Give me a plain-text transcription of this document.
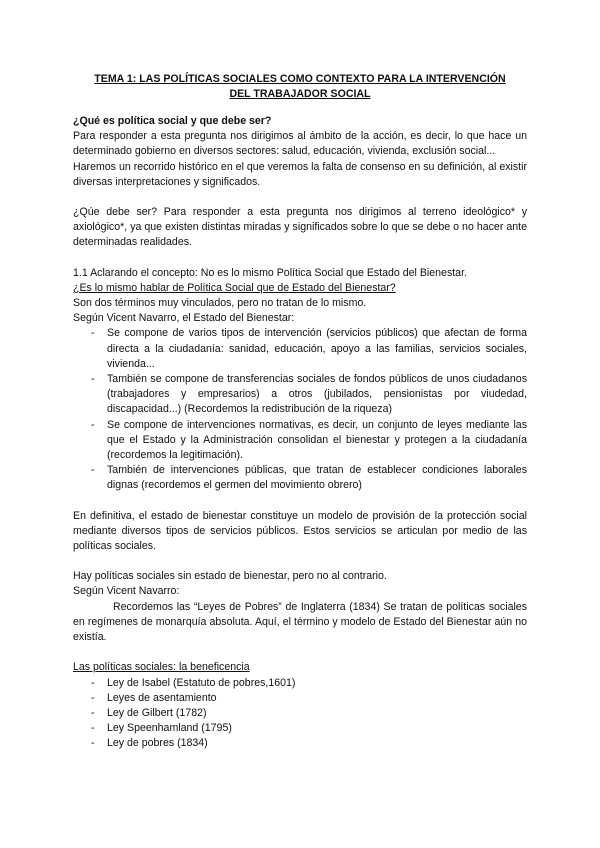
TEMA 1: LAS POLÍTICAS SOCIALES COMO CONTEXTO PARA LA INTERVENCIÓN
DEL TRABAJADOR SOCIAL

¿Qué es política social y que debe ser?

Para responder a esta pregunta nos dirigimos al ámbito de la acción, es decir, lo que hace un determinado gobierno en diversos sectores: salud, educación, vivienda, exclusión social...

Haremos un recorrido histórico en el que veremos la falta de consenso en su definición, al existir diversas interpretaciones y significados.

¿Qúe debe ser? Para responder a esta pregunta nos dirigimos al terreno ideológico* y axiológico*, ya que existen distintas miradas y significados sobre lo que se debe o no hacer ante determinadas realidades.

1.1 Aclarando el concepto: No es lo mismo Política Social que Estado del Bienestar.

¿Es lo mismo hablar de Política Social que de Estado del Bienestar?

Son dos términos muy vinculados, pero no tratan de lo mismo.

Según Vicent Navarro, el Estado del Bienestar:

- Se compone de varios tipos de intervención (servicios públicos) que afectan de forma directa a la ciudadanía: sanidad, educación, apoyo a las familias, servicios sociales, vivienda...
- También se compone de transferencias sociales de fondos públicos de unos ciudadanos (trabajadores y empresarios) a otros (jubilados, pensionistas por viudedad, discapacidad...) (Recordemos la redistribución de la riqueza)
- Se compone de intervenciones normativas, es decir, un conjunto de leyes mediante las que el Estado y la Administración consolidan el bienestar y protegen a la ciudadanía (recordemos la legitimación).
- También de intervenciones públicas, que tratan de establecer condiciones laborales dignas (recordemos el germen del movimiento obrero)

En definitiva, el estado de bienestar constituye un modelo de provisión de la protección social mediante diversos tipos de servicios públicos. Estos servicios se articulan por medio de las políticas sociales.

Hay políticas sociales sin estado de bienestar, pero no al contrario.

Según Vicent Navarro:

Recordemos las “Leyes de Pobres” de Inglaterra (1834) Se tratan de políticas sociales en regímenes de monarquía absoluta. Aquí, el término y modelo de Estado del Bienestar aún no existía.

Las políticas sociales: la beneficencia

- Ley de Isabel (Estatuto de pobres,1601)
- Leyes de asentamiento
- Ley de Gilbert (1782)
- Ley Speenhamland (1795)
- Ley de pobres (1834)
